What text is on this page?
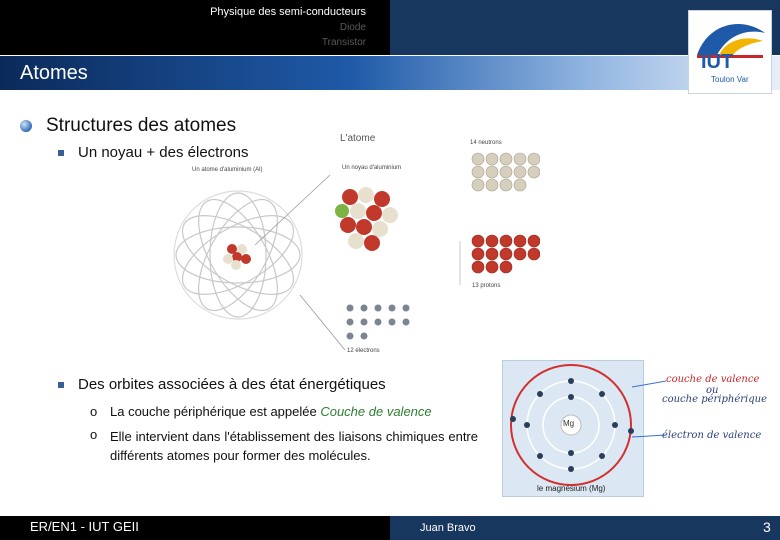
Physique des semi-conducteurs
Diode
Transistor
Atomes	IUT
Toulon Var
Structures des atomes
Un noyau + des électrons
L'atome
Un atome d'aluminium (Al)	Un noyau d'aluminium
14 neutrons
13 protons
12 électrons
Des orbites associées à des état énergétiques
o La couche périphérique est appelée Couche de valence
o Elle intervient dans l'établissement des liaisons chimiques entre différents atomes pour former des molécules.
Mg
le magnésium (Mg)
couche de valence
ou
couche périphérique
électron de valence
ER/EN1 - IUT GEII	Juan Bravo	3
